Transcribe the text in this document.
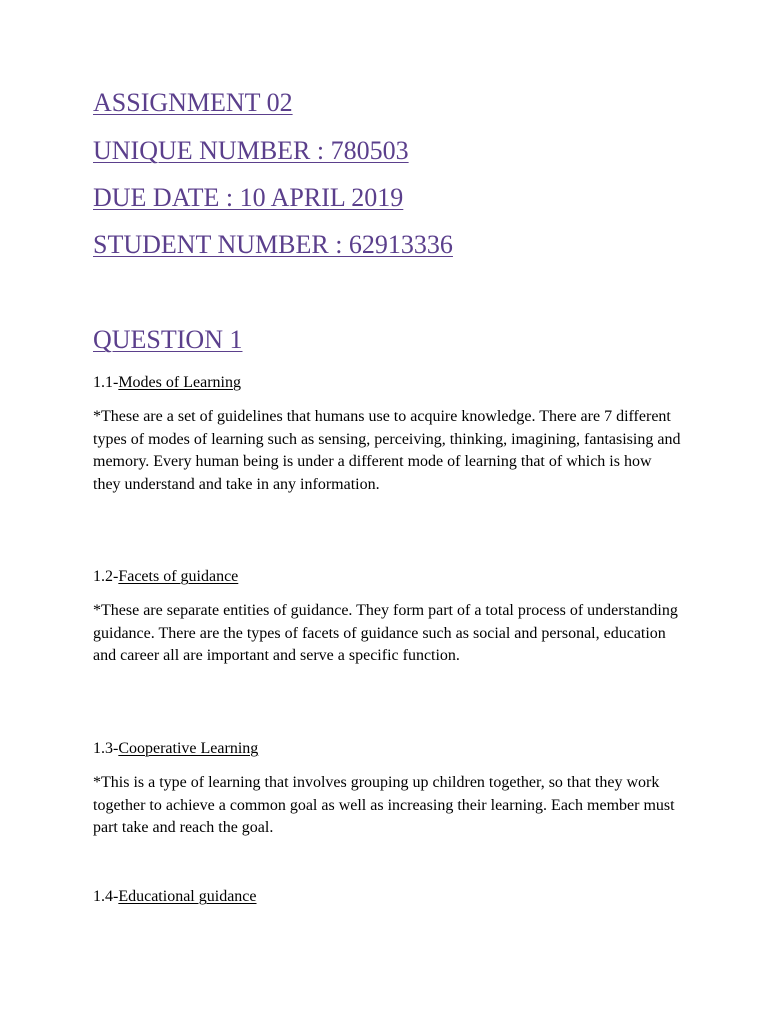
ASSIGNMENT 02
UNIQUE NUMBER : 780503
DUE DATE : 10 APRIL 2019
STUDENT NUMBER : 62913336
QUESTION 1
1.1-Modes of Learning

*These are a set of guidelines that humans use to acquire knowledge. There are 7 different types of modes of learning such as sensing, perceiving, thinking, imagining, fantasising and memory. Every human being is under a different mode of learning that of which is how they understand and take in any information.

1.2-Facets of guidance

*These are separate entities of guidance. They form part of a total process of understanding guidance. There are the types of facets of guidance such as social and personal, education and career all are important and serve a specific function.

1.3-Cooperative Learning

*This is a type of learning that involves grouping up children together, so that they work together to achieve a common goal as well as increasing their learning. Each member must part take and reach the goal.

1.4-Educational guidance
